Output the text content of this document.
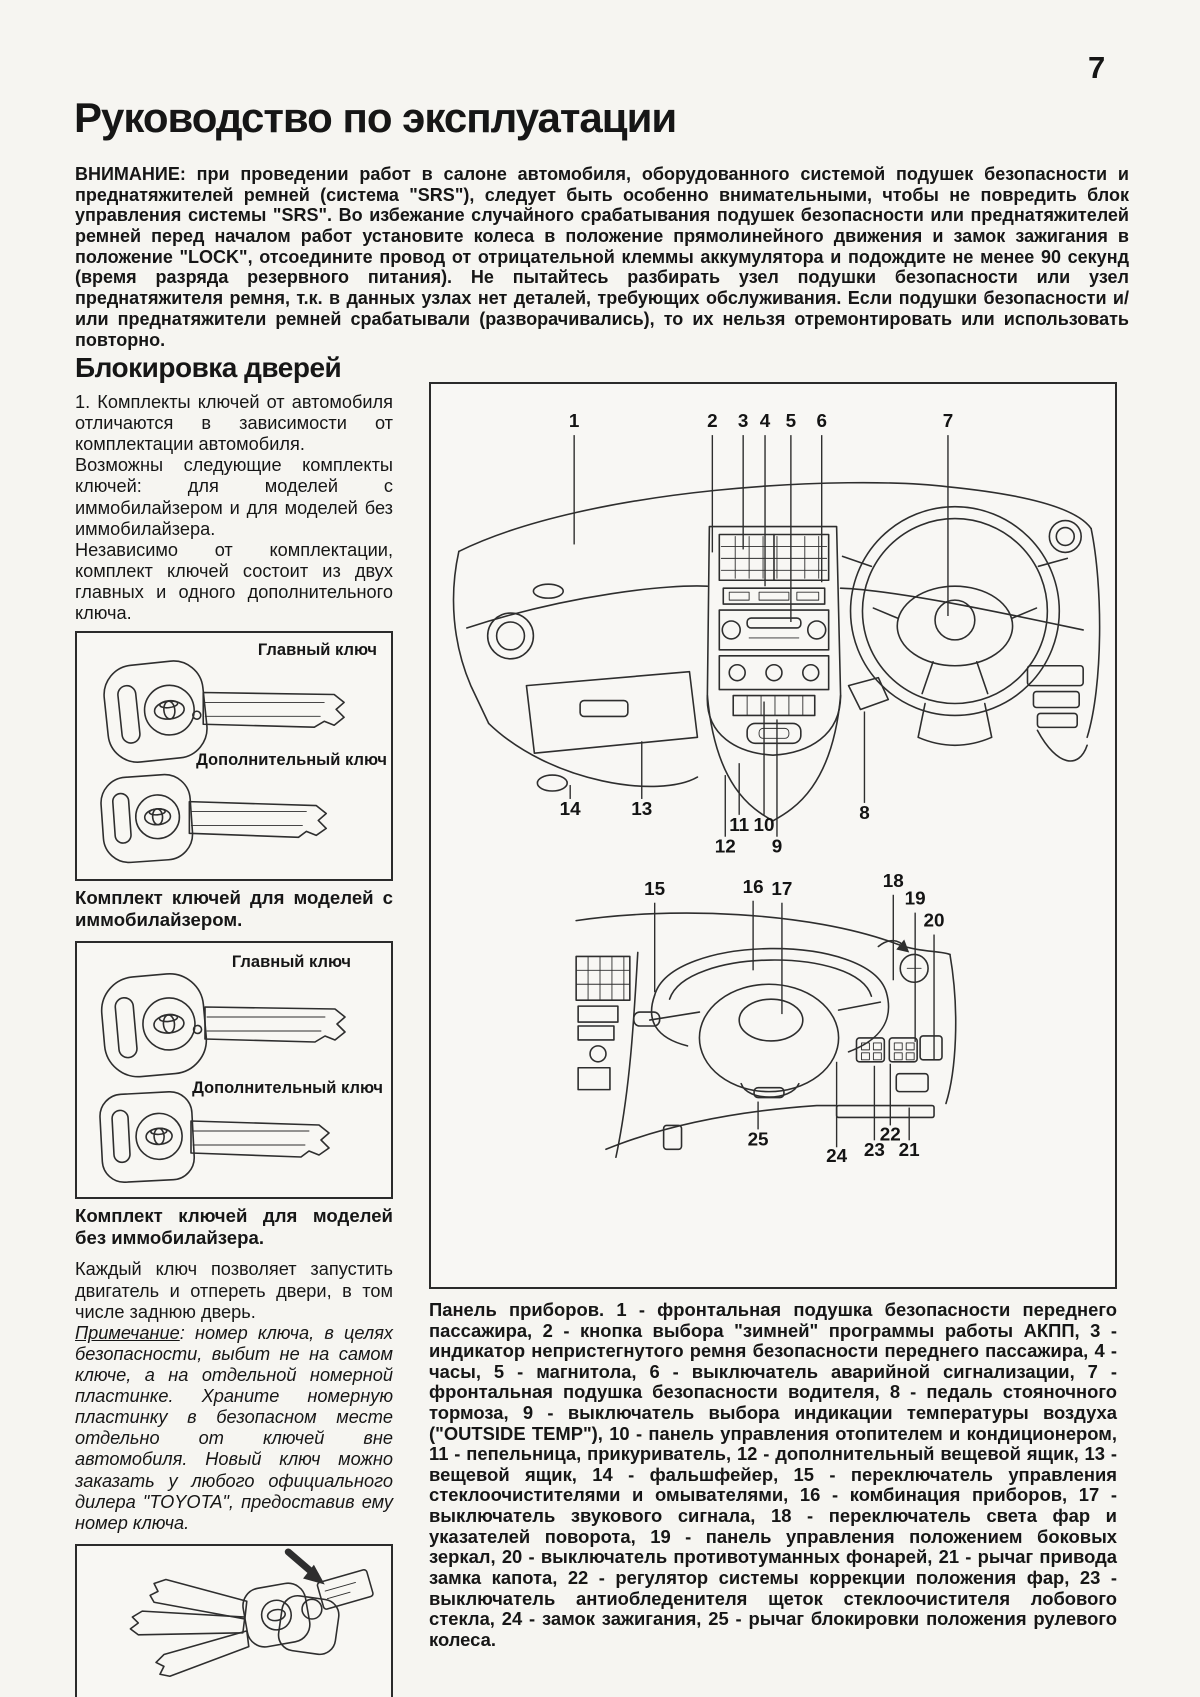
7
Руководство по эксплуатации
ВНИМАНИЕ: при проведении работ в салоне автомобиля, оборудованного системой подушек безопасности и преднатяжителей ремней (система "SRS"), следует быть особенно внимательными, чтобы не повредить блок управления системы "SRS". Во избежание случайного срабатывания подушек безопасности или преднатяжителей ремней перед началом работ установите колеса в положение прямолинейного движения и замок зажигания в положение "LOCK", отсоедините провод от отрицательной клеммы аккумулятора и подождите не менее 90 секунд (время разряда резервного питания). Не пытайтесь разбирать узел подушки безопасности или узел преднатяжителя ремня, т.к. в данных узлах нет деталей, требующих обслуживания. Если подушки безопасности и/или преднатяжители ремней срабатывали (разворачивались), то их нельзя отремонтировать или использовать повторно.
Блокировка дверей

1. Комплекты ключей от автомобиля отличаются в зависимости от комплектации автомобиля.

Возможны следующие комплекты ключей: для моделей с иммобилайзером и для моделей без иммобилайзера.

Независимо от комплектации, комплект ключей состоит из двух главных и одного дополнительного ключа.

Главный ключ
Дополнительный ключ
Комплект ключей для моделей с иммобилайзером.
Главный ключ
Дополнительный ключ
Комплект ключей для моделей без иммобилайзера.

Каждый ключ позволяет запустить двигатель и отпереть двери, в том числе заднюю дверь.

Примечание: номер ключа, в целях безопасности, выбит не на самом ключе, а на отдельной номерной пластинке. Храните номерную пластинку в безопасном месте отдельно от ключей вне автомобиля. Новый ключ можно заказать у любого официального дилера "TOYOTA", предоставив ему номер ключа.

1	2 3 4 5 6	7
14	13
12
11 10
9
8
15	16 17	18
19
20
25
24 23
22
21
Панель приборов. 1 - фронтальная подушка безопасности переднего пассажира, 2 - кнопка выбора "зимней" программы работы АКПП, 3 - индикатор непристегнутого ремня безопасности переднего пассажира, 4 - часы, 5 - магнитола, 6 - выключатель аварийной сигнализации, 7 - фронтальная подушка безопасности водителя, 8 - педаль стояночного тормоза, 9 - выключатель выбора индикации температуры воздуха ("OUTSIDE TEMP"), 10 - панель управления отопителем и кондиционером, 11 - пепельница, прикуриватель, 12 - дополнительный вещевой ящик, 13 - вещевой ящик, 14 - фальшфейер, 15 - переключатель управления стеклоочистителями и омывателями, 16 - комбинация приборов, 17 - выключатель звукового сигнала, 18 - переключатель света фар и указателей поворота, 19 - панель управления положением боковых зеркал, 20 - выключатель противотуманных фонарей, 21 - рычаг привода замка капота, 22 - регулятор системы коррекции положения фар, 23 - выключатель антиобледенителя щеток стеклоочистителя лобового стекла, 24 - замок зажигания, 25 - рычаг блокировки положения рулевого колеса.
